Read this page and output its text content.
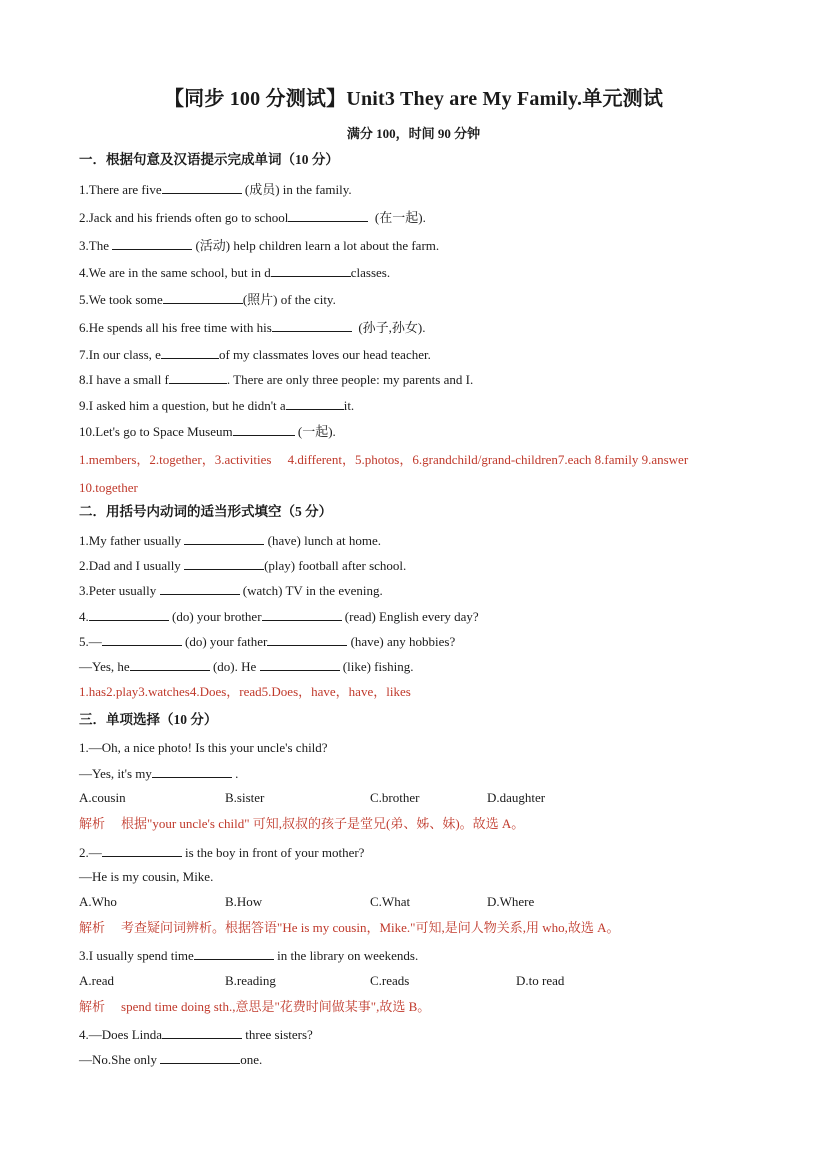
【同步 100 分测试】Unit3 They are My Family.单元测试
满分 100，时间 90 分钟
一．根据句意及汉语提示完成单词（10 分）
1.There are five	(成员) in the family.
2.Jack and his friends often go to school	(在一起).
3.The	(活动) help children learn a lot about the farm.
4.We are in the same school, but in d	classes.
5.We took some	(照片) of the city.
6.He spends all his free time with his	(孙子,孙女).
7.In our class, e	of my classmates loves our head teacher.
8.I have a small f	. There are only three people: my parents and I.
9.I asked him a question, but he didn't a	it.
10.Let's go to Space Museum	(一起).
1.members，2.together，3.activities　 4.different，5.photos，6.grandchild/grand-children7.each 8.family 9.answer
10.together
二．用括号内动词的适当形式填空（5 分）
1.My father usually	(have) lunch at home.
2.Dad and I usually	(play) football after school.
3.Peter usually	(watch) TV in the evening.
4.	(do) your brother	(read) English every day?
5.—	(do) your father	(have) any hobbies?
—Yes, he	(do). He	(like) fishing.
1.has2.play3.watches4.Does，read5.Does，have，have，likes
三．单项选择（10 分）
1.—Oh, a nice photo! Is this your uncle's child?
—Yes, it's my	.
A.cousin	B.sister	C.brother	D.daughter
解析 根据"your uncle's child" 可知,叔叔的孩子是堂兄(弟、姊、妹)。故选 A。
2.—	is the boy in front of your mother?
—He is my cousin, Mike.
A.Who	B.How	C.What	D.Where
解析 考查疑问词辨析。根据答语"He is my cousin，Mike."可知,是问人物关系,用 who,故选 A。
3.I usually spend time	in the library on weekends.
A.read	B.reading	C.reads	D.to read
解析 spend time doing sth.,意思是"花费时间做某事",故选 B。
4.—Does Linda	three sisters?
—No.She only	one.
